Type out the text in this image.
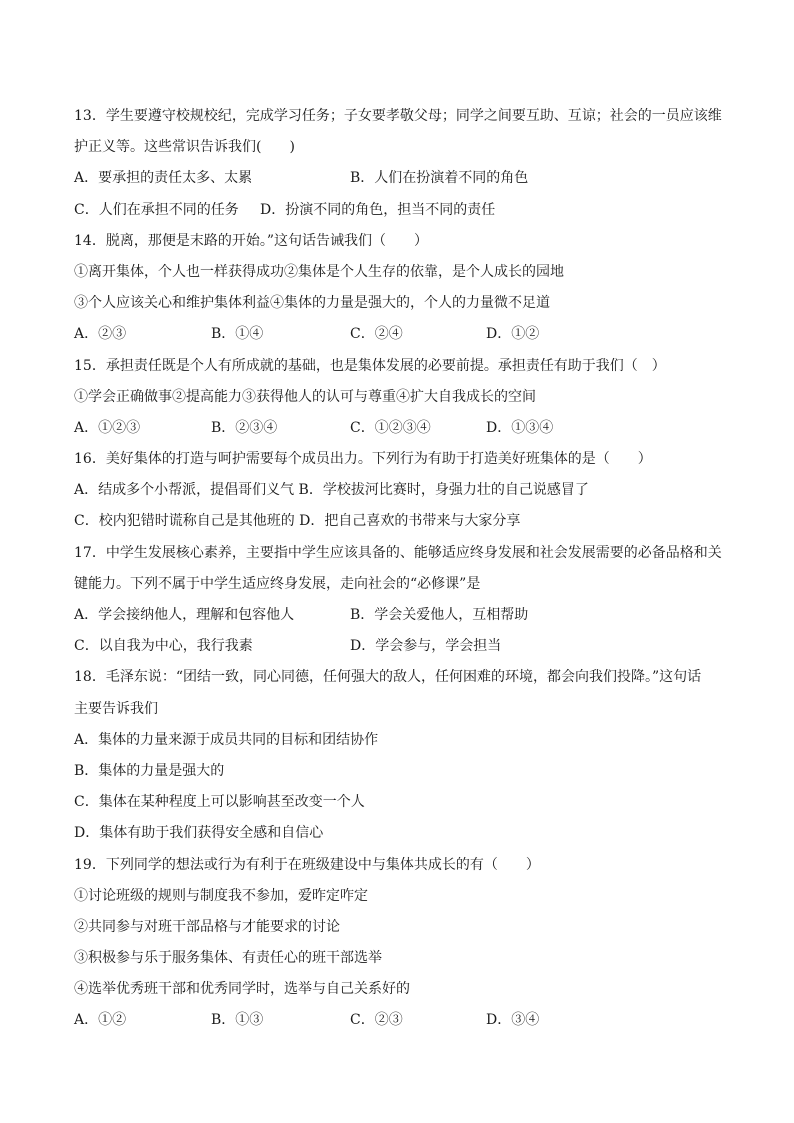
13．学生要遵守校规校纪，完成学习任务；子女要孝敬父母；同学之间要互助、互谅；社会的一员应该维
护正义等。这些常识告诉我们(　　)
A．要承担的责任太多、太累	B．人们在扮演着不同的角色
C．人们在承担不同的任务	D．扮演不同的角色，担当不同的责任
14．脱离，那便是末路的开始。”这句话告诫我们（　　）
①离开集体，个人也一样获得成功②集体是个人生存的依靠，是个人成长的园地
③个人应该关心和维护集体利益④集体的力量是强大的，个人的力量微不足道
A．②③	B．①④	C．②④	D．①②
15．承担责任既是个人有所成就的基础，也是集体发展的必要前提。承担责任有助于我们（　）
①学会正确做事②提高能力③获得他人的认可与尊重④扩大自我成长的空间
A．①②③	B．②③④	C．①②③④	D．①③④
16．美好集体的打造与呵护需要每个成员出力。下列行为有助于打造美好班集体的是（　　）
A．结成多个小帮派，提倡哥们义气 B．学校拔河比赛时，身强力壮的自己说感冒了
C．校内犯错时谎称自己是其他班的 D．把自己喜欢的书带来与大家分享
17．中学生发展核心素养，主要指中学生应该具备的、能够适应终身发展和社会发展需要的必备品格和关
键能力。下列不属于中学生适应终身发展，走向社会的“必修课”是
A．学会接纳他人，理解和包容他人	B．学会关爱他人，互相帮助
C．以自我为中心，我行我素	D．学会参与，学会担当
18．毛泽东说：“团结一致，同心同德，任何强大的敌人，任何困难的环境，都会向我们投降。”这句话
主要告诉我们
A．集体的力量来源于成员共同的目标和团结协作
B．集体的力量是强大的
C．集体在某种程度上可以影响甚至改变一个人
D．集体有助于我们获得安全感和自信心
19．下列同学的想法或行为有利于在班级建设中与集体共成长的有（　　）
①讨论班级的规则与制度我不参加，爱昨定咋定
②共同参与对班干部品格与才能要求的讨论
③积极参与乐于服务集体、有责任心的班干部选举
④选举优秀班干部和优秀同学时，选举与自己关系好的
A．①②	B．①③	C．②③	D．③④
